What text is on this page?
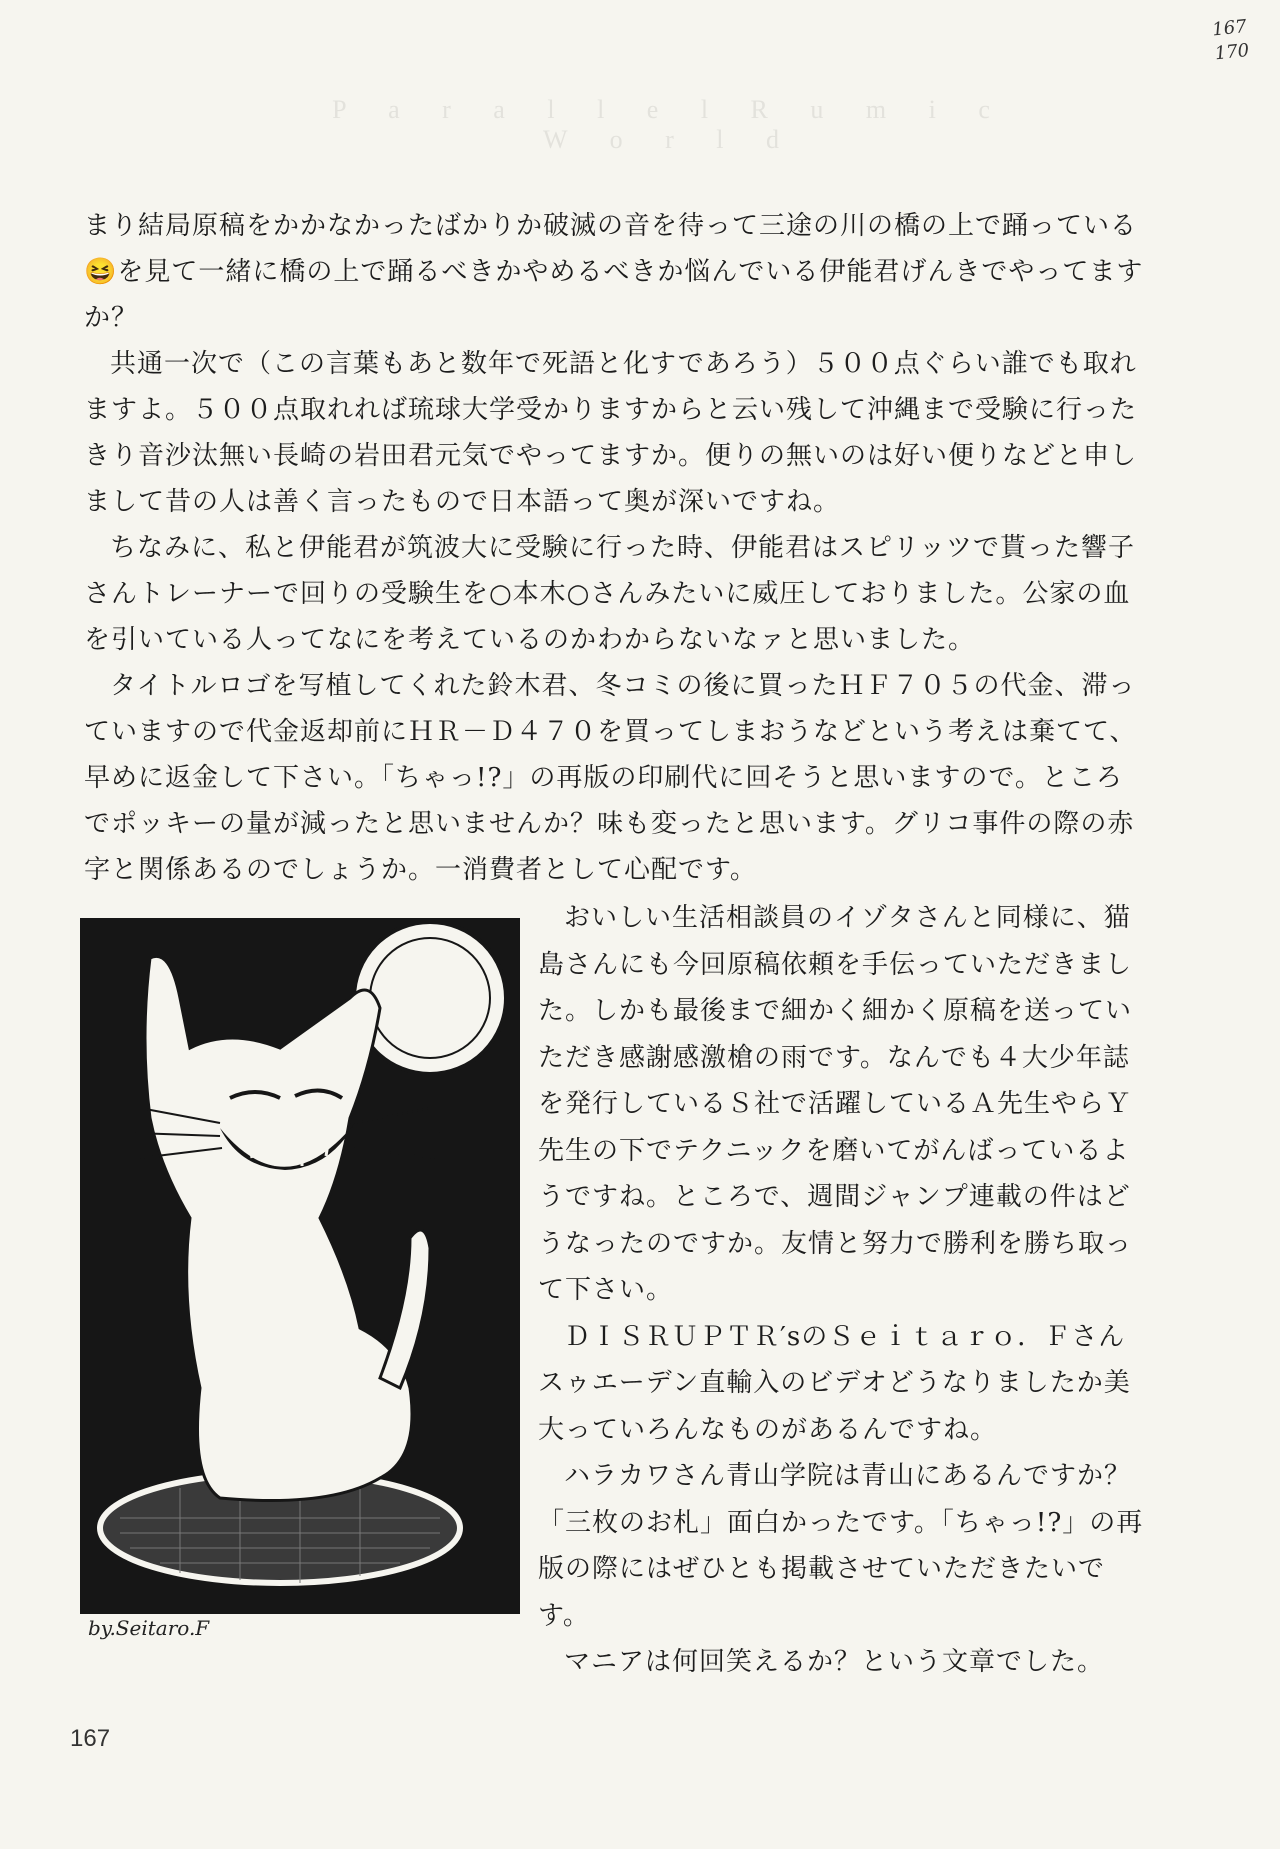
167
170
P a r a l l e l R u m i c W o r l d

まり結局原稿をかかなかったばかりか破滅の音を待って三途の川の橋の上で踊っている😆を見て一緒に橋の上で踊るべきかやめるべきか悩んでいる伊能君げんきでやってますか？

共通一次で（この言葉もあと数年で死語と化すであろう）５００点ぐらい誰でも取れますよ。５００点取れれば琉球大学受かりますからと云い残して沖縄まで受験に行ったきり音沙汰無い長崎の岩田君元気でやってますか。便りの無いのは好い便りなどと申しまして昔の人は善く言ったもので日本語って奥が深いですね。

ちなみに、私と伊能君が筑波大に受験に行った時、伊能君はスピリッツで貰った響子さんトレーナーで回りの受験生を○本木○さんみたいに威圧しておりました。公家の血を引いている人ってなにを考えているのかわからないなァと思いました。

タイトルロゴを写植してくれた鈴木君、冬コミの後に買ったＨＦ７０５の代金、滞っていますので代金返却前にＨＲ－Ｄ４７０を買ってしまおうなどという考えは棄てて、早めに返金して下さい。「ちゃっ!?」の再版の印刷代に回そうと思いますので。ところでポッキーの量が減ったと思いませんか？味も変ったと思います。グリコ事件の際の赤字と関係あるのでしょうか。一消費者として心配です。

by.Seitaro.F

おいしい生活相談員のイゾタさんと同様に、猫島さんにも今回原稿依頼を手伝っていただきました。しかも最後まで細かく細かく原稿を送っていただき感謝感激槍の雨です。なんでも４大少年誌を発行しているＳ社で活躍しているＡ先生やらＹ先生の下でテクニックを磨いてがんばっているようですね。ところで、週間ジャンプ連載の件はどうなったのですか。友情と努力で勝利を勝ち取って下さい。

ＤＩＳＲＵＰＴＲ′sのＳｅｉｔａｒｏ．Ｆさんスゥエーデン直輸入のビデオどうなりましたか美大っていろんなものがあるんですね。

ハラカワさん青山学院は青山にあるんですか？「三枚のお札」面白かったです。「ちゃっ!?」の再版の際にはぜひとも掲載させていただきたいです。

マニアは何回笑えるか？という文章でした。

167
